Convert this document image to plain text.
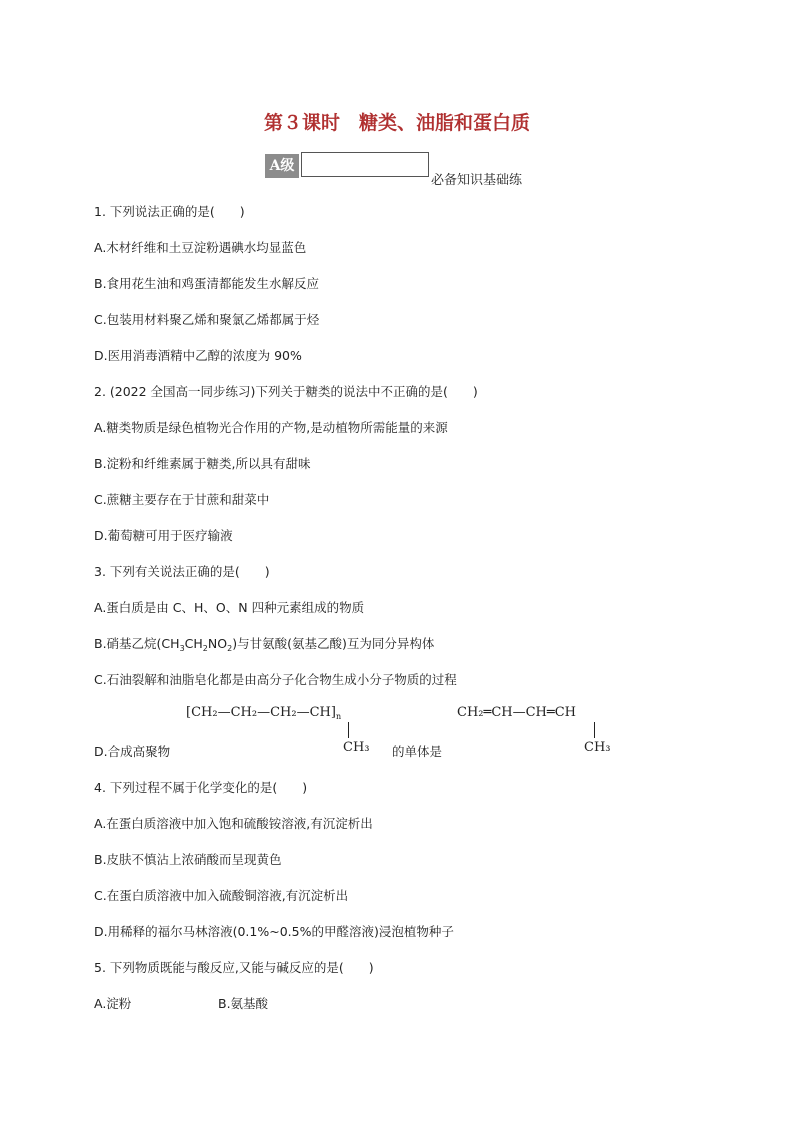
第３课时　糖类、油脂和蛋白质
A级
必备知识基础练
1. 下列说法正确的是(　　)
A.木材纤维和土豆淀粉遇碘水均显蓝色
B.食用花生油和鸡蛋清都能发生水解反应
C.包装用材料聚乙烯和聚氯乙烯都属于烃
D.医用消毒酒精中乙醇的浓度为 90%
2. (2022 全国高一同步练习)下列关于糖类的说法中不正确的是(　　)
A.糖类物质是绿色植物光合作用的产物,是动植物所需能量的来源
B.淀粉和纤维素属于糖类,所以具有甜味
C.蔗糖主要存在于甘蔗和甜菜中
D.葡萄糖可用于医疗输液
3. 下列有关说法正确的是(　　)
A.蛋白质是由 C、H、O、N 四种元素组成的物质
B.硝基乙烷$(CH_3CH_2NO_2)$与甘氨酸(氨基乙酸)互为同分异构体
C.石油裂解和油脂皂化都是由高分子化合物生成小分子物质的过程
$[CH_2—CH_2—CH_2—CH]_n$
CH₃
D.合成高聚物	的单体是
CH₂═CH—CH═CH
CH₃
4. 下列过程不属于化学变化的是(　　)
A.在蛋白质溶液中加入饱和硫酸铵溶液,有沉淀析出
B.皮肤不慎沾上浓硝酸而呈现黄色
C.在蛋白质溶液中加入硫酸铜溶液,有沉淀析出
D.用稀释的福尔马林溶液(0.1%~0.5%的甲醛溶液)浸泡植物种子
5. 下列物质既能与酸反应,又能与碱反应的是(　　)
A.淀粉	B.氨基酸
